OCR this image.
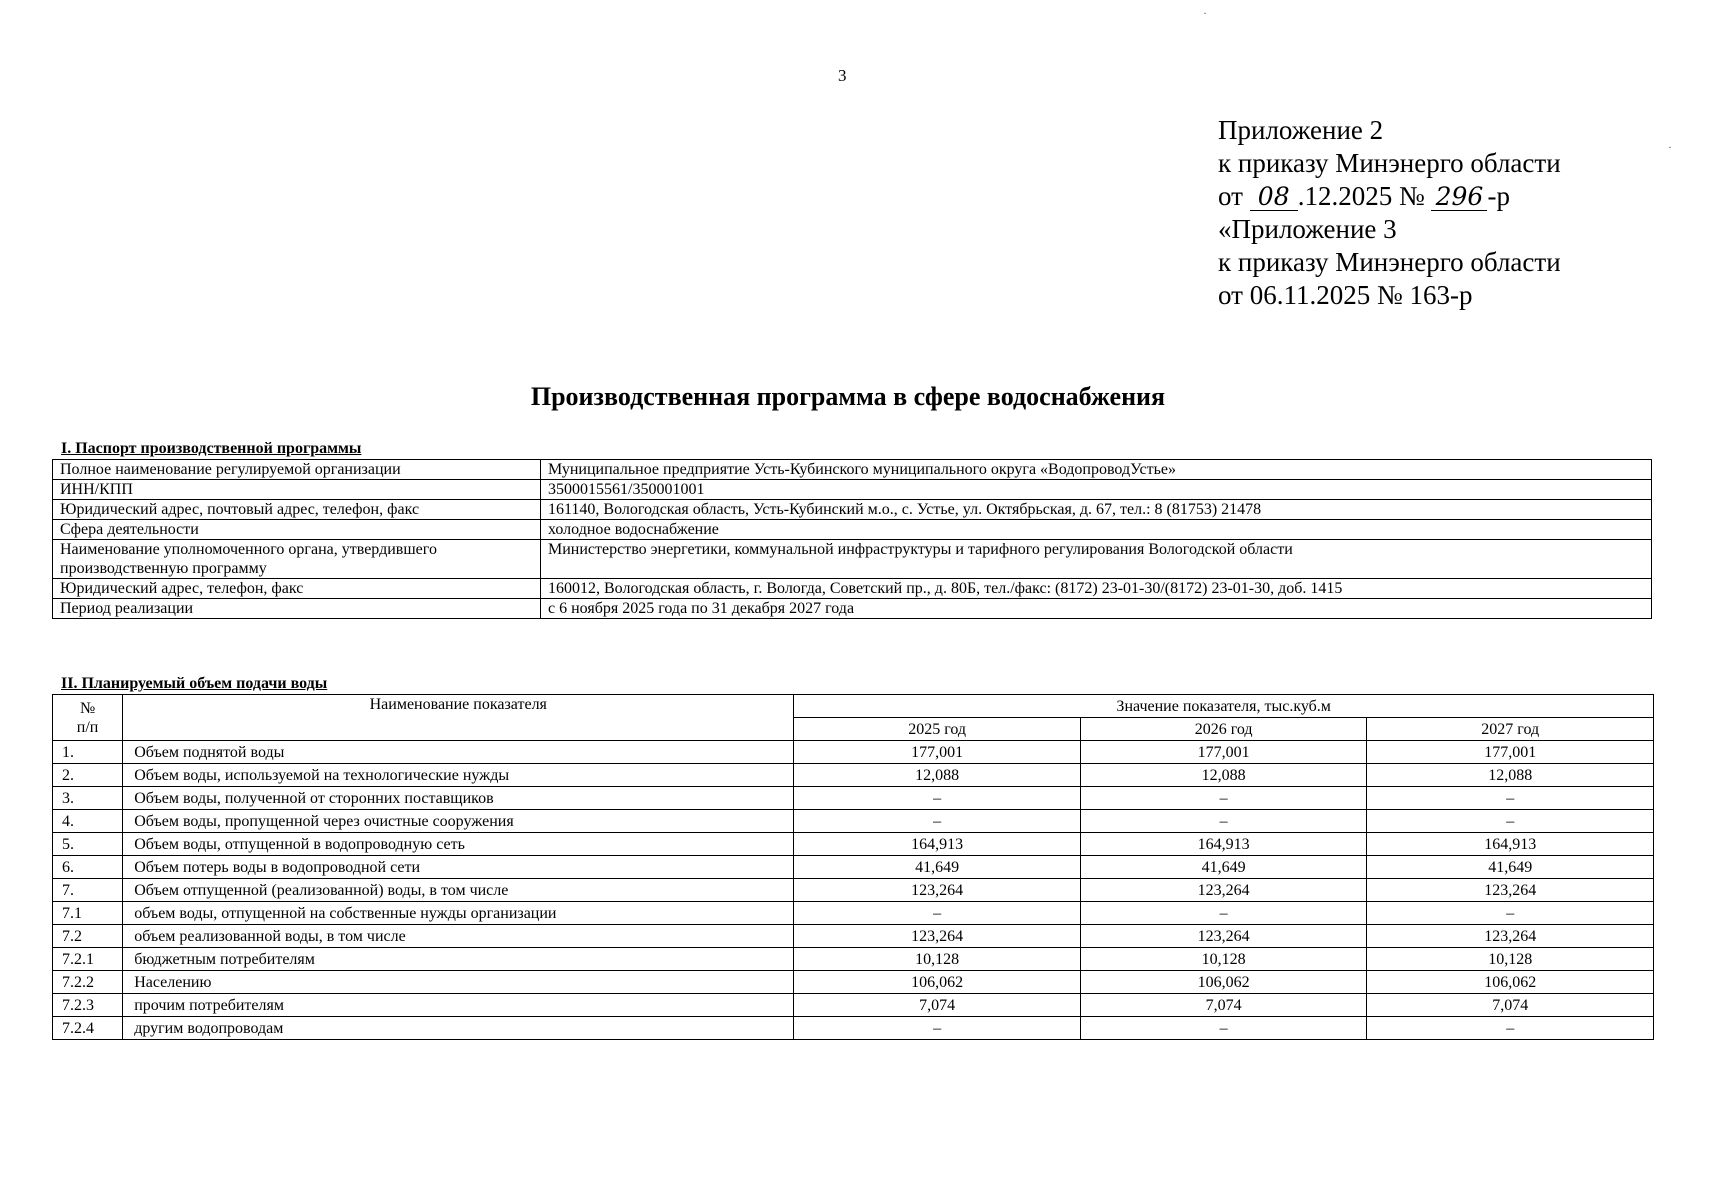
3
Приложение 2
к приказу Минэнерго области
от 08 .12.2025 № 296 -р
«Приложение 3
к приказу Минэнерго области
от 06.11.2025 № 163-р
Производственная программа в сфере водоснабжения
I. Паспорт производственной программы
Полное наименование регулируемой организации	Муниципальное предприятие Усть-Кубинского муниципального округа «ВодопроводУстье»
ИНН/КПП	3500015561/350001001
Юридический адрес, почтовый адрес, телефон, факс	161140, Вологодская область, Усть-Кубинский м.о., с. Устье, ул. Октябрьская, д. 67, тел.: 8 (81753) 21478
Сфера деятельности	холодное водоснабжение
Наименование уполномоченного органа, утвердившего производственную программу	Министерство энергетики, коммунальной инфраструктуры и тарифного регулирования Вологодской области
Юридический адрес, телефон, факс	160012, Вологодская область, г. Вологда, Советский пр., д. 80Б, тел./факс: (8172) 23-01-30/(8172) 23-01-30, доб. 1415
Период реализации	с 6 ноября 2025 года по 31 декабря 2027 года
II. Планируемый объем подачи воды
№
п/п	Наименование показателя	Значение показателя, тыс.куб.м		
		2025 год	2026 год	2027 год
1.	Объем поднятой воды	177,001	177,001	177,001
2.	Объем воды, используемой на технологические нужды	12,088	12,088	12,088
3.	Объем воды, полученной от сторонних поставщиков	–	–	–
4.	Объем воды, пропущенной через очистные сооружения	–	–	–
5.	Объем воды, отпущенной в водопроводную сеть	164,913	164,913	164,913
6.	Объем потерь воды в водопроводной сети	41,649	41,649	41,649
7.	Объем отпущенной (реализованной) воды, в том числе	123,264	123,264	123,264
7.1	объем воды, отпущенной на собственные нужды организации	–	–	–
7.2	объем реализованной воды, в том числе	123,264	123,264	123,264
7.2.1	бюджетным потребителям	10,128	10,128	10,128
7.2.2	Населению	106,062	106,062	106,062
7.2.3	прочим потребителям	7,074	7,074	7,074
7.2.4	другим водопроводам	–	–	–
·
·
